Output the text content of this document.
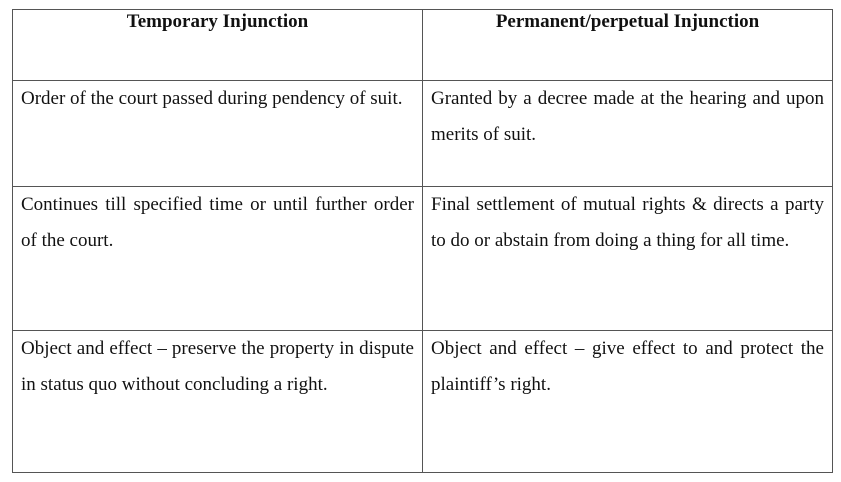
Temporary Injunction	Permanent/perpetual Injunction
Order of the court passed during pendency of suit.	Granted by a decree made at the hearing and upon merits of suit.
Continues till specified time or until further order of the court.	Final settlement of mutual rights & directs a party to do or abstain from doing a thing for all time.
Object and effect – preserve the property in dispute in status quo without concluding a right.	Object and effect – give effect to and protect the plaintiff’s right.
